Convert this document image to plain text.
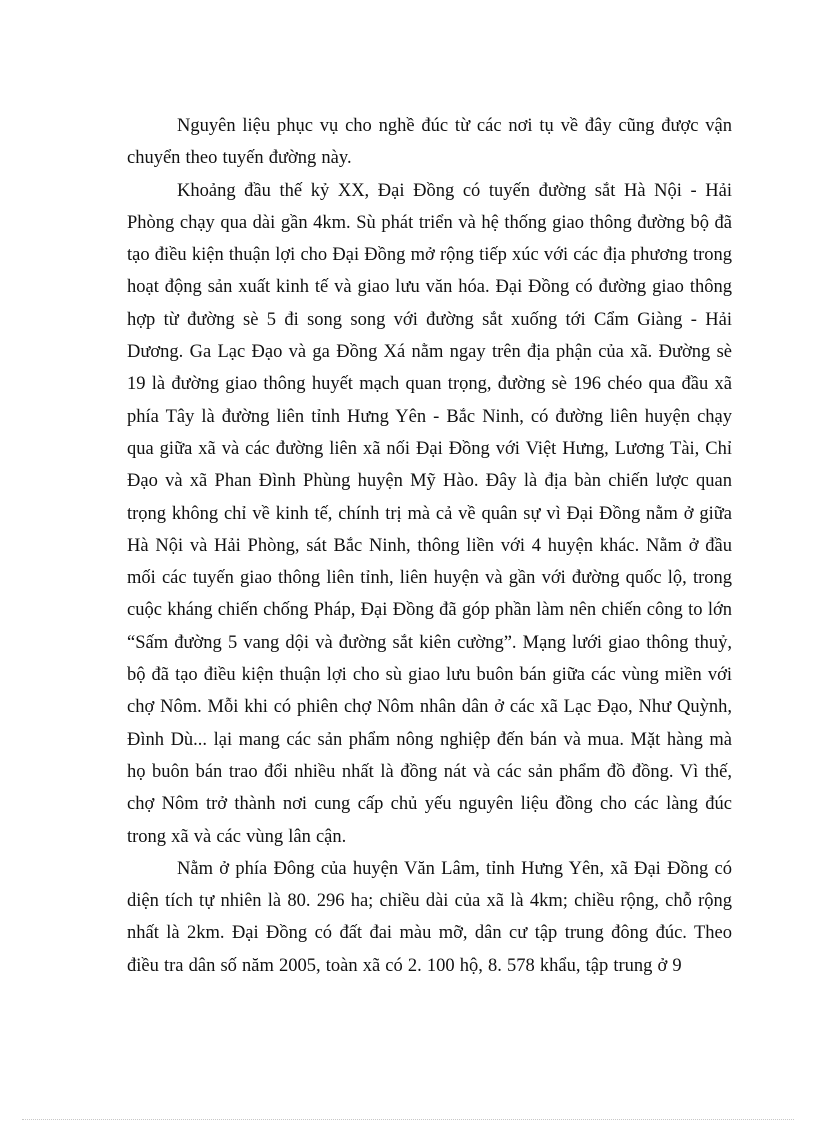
Nguyên liệu phục vụ cho nghề đúc từ các nơi tụ về đây cũng được vận chuyển theo tuyến đường này.

Khoảng đầu thế kỷ XX, Đại Đồng có tuyến đường sắt Hà Nội - Hải Phòng chạy qua dài gần 4km. Sù phát triển và hệ thống giao thông đường bộ đã tạo điều kiện thuận lợi cho Đại Đồng mở rộng tiếp xúc với các địa phương trong hoạt động sản xuất kinh tế và giao lưu văn hóa. Đại Đồng có đường giao thông hợp từ đường sè 5 đi song song với đường sắt xuống tới Cẩm Giàng - Hải Dương. Ga Lạc Đạo và ga Đồng Xá nằm ngay trên địa phận của xã. Đường sè 19 là đường giao thông huyết mạch quan trọng, đường sè 196 chéo qua đầu xã phía Tây là đường liên tỉnh Hưng Yên - Bắc Ninh, có đường liên huyện chạy qua giữa xã và các đường liên xã nối Đại Đồng với Việt Hưng, Lương Tài, Chỉ Đạo và xã Phan Đình Phùng huyện Mỹ Hào. Đây là địa bàn chiến lược quan trọng không chỉ về kinh tế, chính trị mà cả về quân sự vì Đại Đồng nằm ở giữa Hà Nội và Hải Phòng, sát Bắc Ninh, thông liền với 4 huyện khác. Nằm ở đầu mối các tuyến giao thông liên tỉnh, liên huyện và gần với đường quốc lộ, trong cuộc kháng chiến chống Pháp, Đại Đồng đã góp phần làm nên chiến công to lớn “Sấm đường 5 vang dội và đường sắt kiên cường”. Mạng lưới giao thông thuỷ, bộ đã tạo điều kiện thuận lợi cho sù giao lưu buôn bán giữa các vùng miền với chợ Nôm. Mỗi khi có phiên chợ Nôm nhân dân ở các xã Lạc Đạo, Như Quỳnh, Đình Dù... lại mang các sản phẩm nông nghiệp đến bán và mua. Mặt hàng mà họ buôn bán trao đổi nhiều nhất là đồng nát và các sản phẩm đồ đồng. Vì thế, chợ Nôm trở thành nơi cung cấp chủ yếu nguyên liệu đồng cho các làng đúc trong xã và các vùng lân cận.

Nằm ở phía Đông của huyện Văn Lâm, tỉnh Hưng Yên, xã Đại Đồng có diện tích tự nhiên là 80. 296 ha; chiều dài của xã là 4km; chiều rộng, chỗ rộng nhất là 2km. Đại Đồng có đất đai màu mỡ, dân cư tập trung đông đúc. Theo điều tra dân số năm 2005, toàn xã có 2. 100 hộ, 8. 578 khẩu, tập trung ở 9
